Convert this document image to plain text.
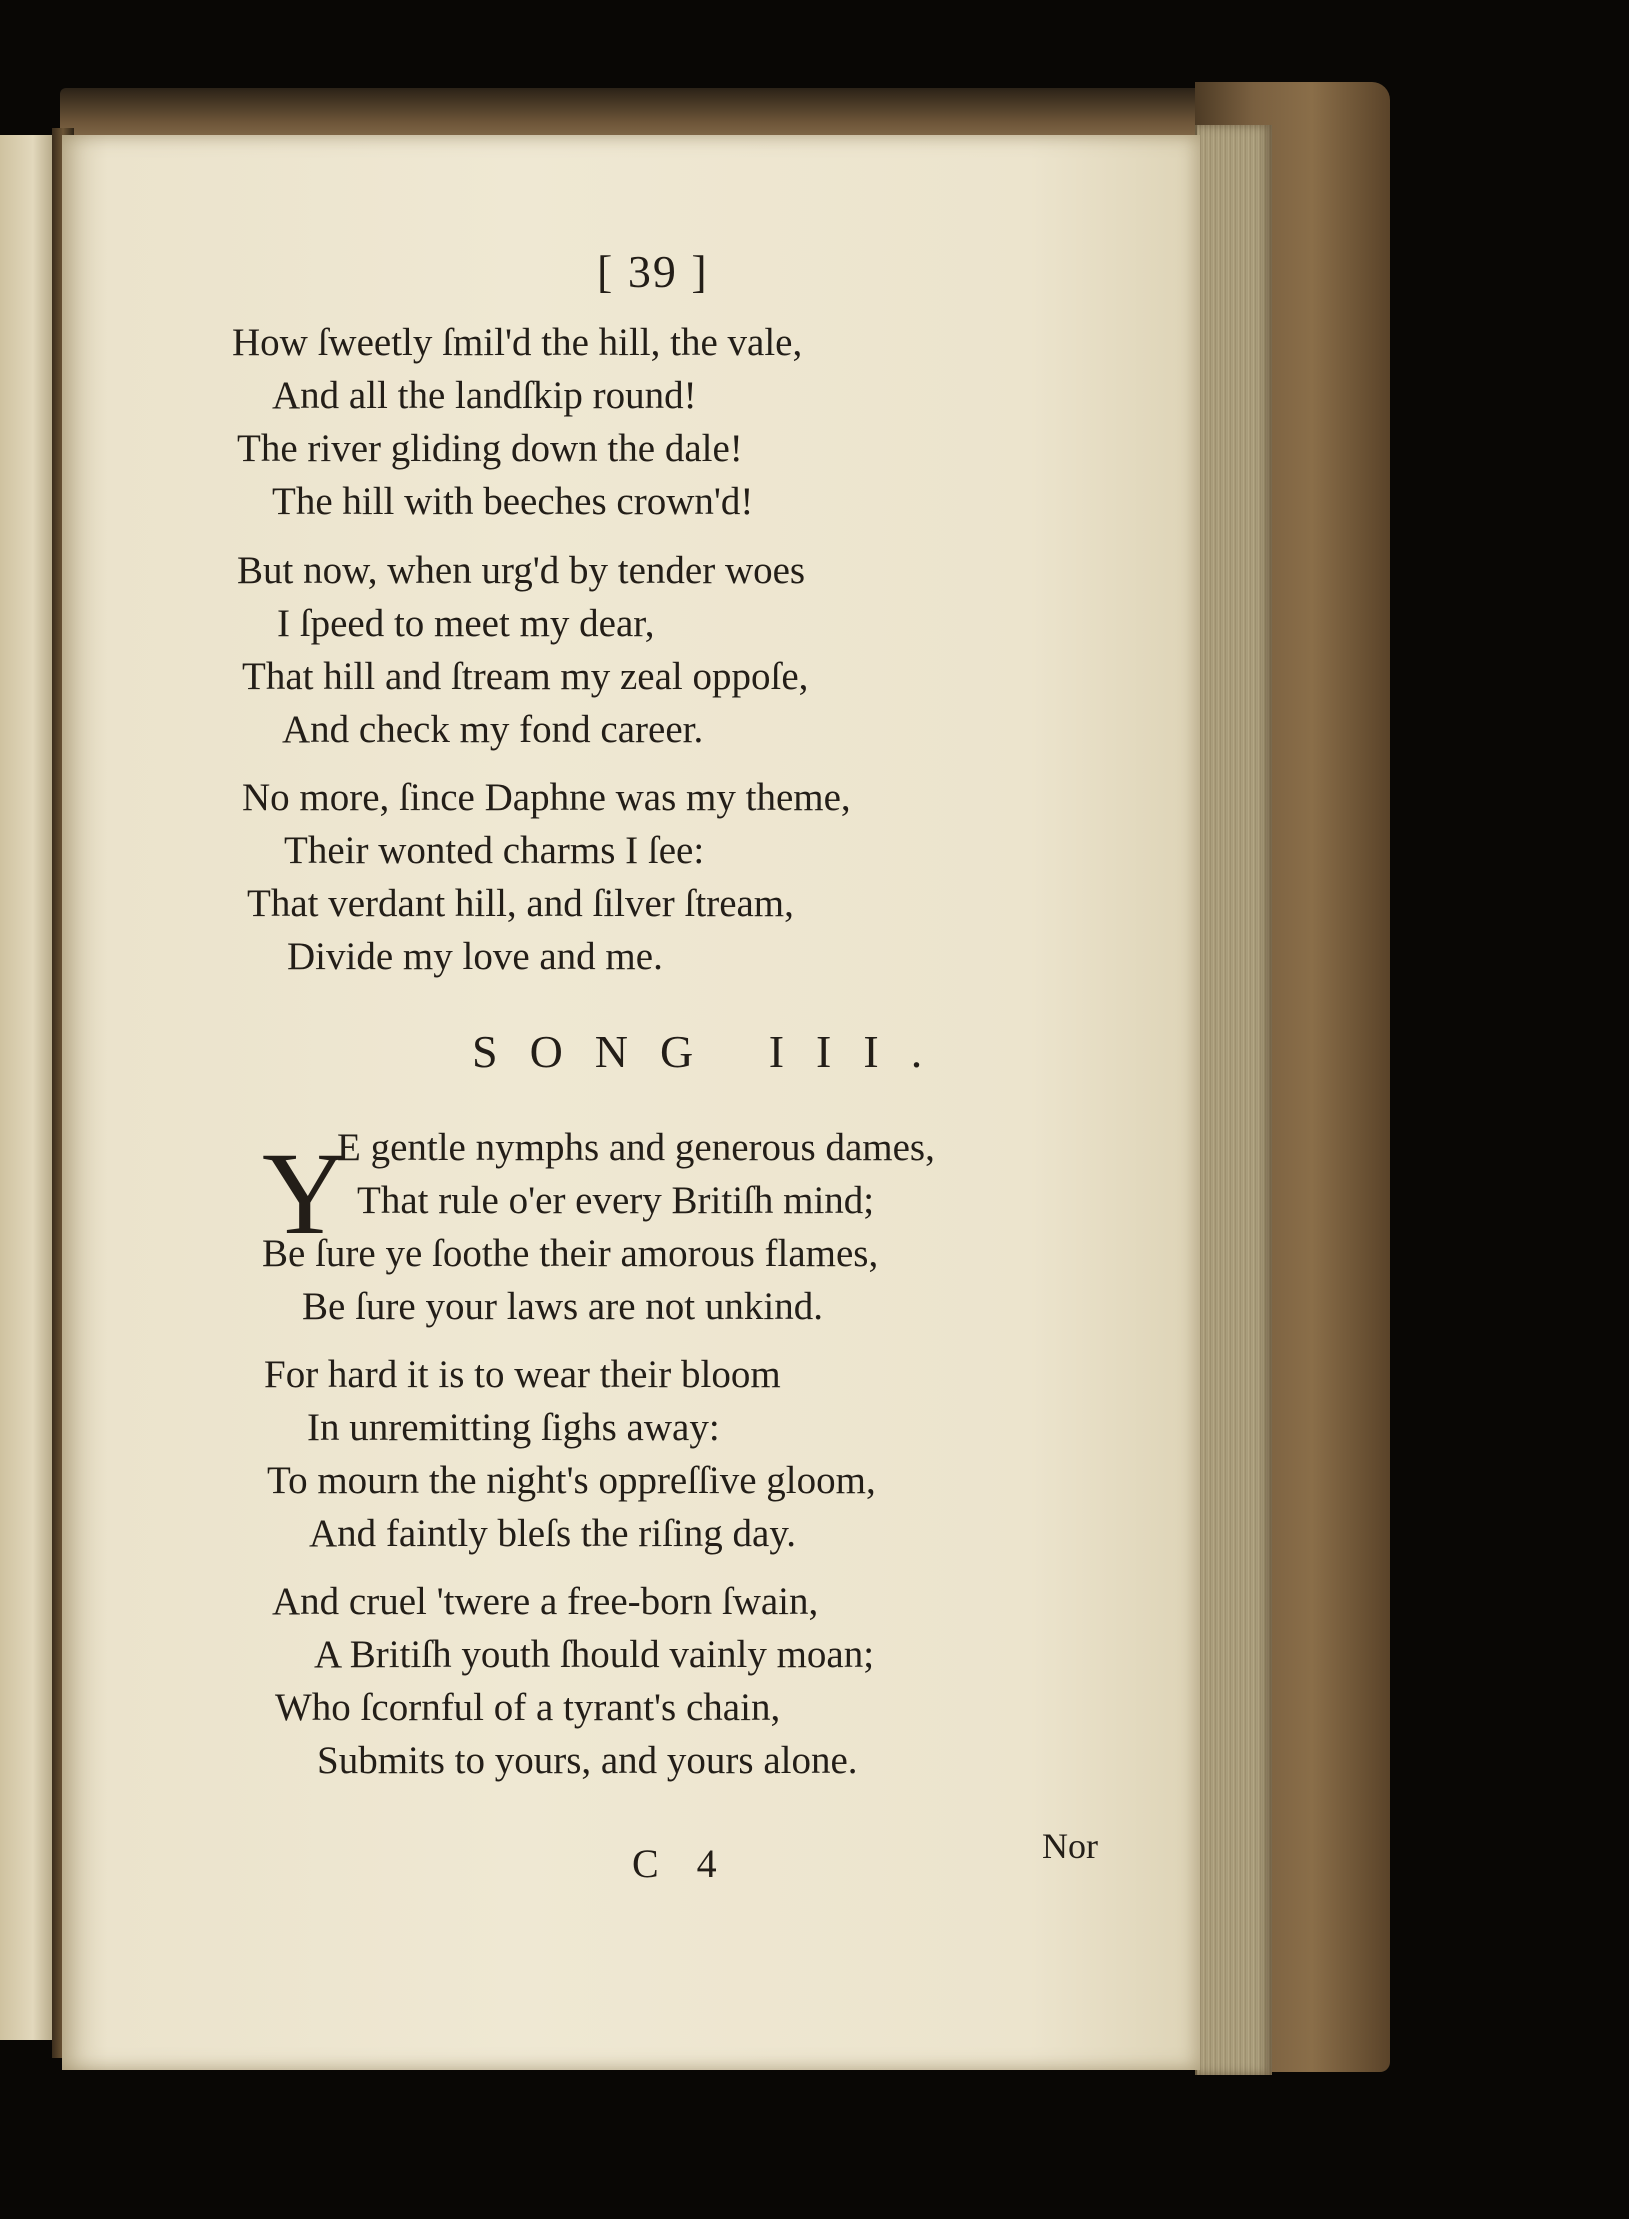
[ 39 ]
How ſweetly ſmil'd the hill, the vale,
And all the landſkip round!
The river gliding down the dale!
The hill with beeches crown'd!
But now, when urg'd by tender woes
I ſpeed to meet my dear,
That hill and ſtream my zeal oppoſe,
And check my fond career.
No more, ſince Daphne was my theme,
Their wonted charms I ſee:
That verdant hill, and ſilver ſtream,
Divide my love and me.
SONG III.
Y
E gentle nymphs and generous dames,
That rule o'er every Britiſh mind;
Be ſure ye ſoothe their amorous flames,
Be ſure your laws are not unkind.
For hard it is to wear their bloom
In unremitting ſighs away:
To mourn the night's oppreſſive gloom,
And faintly bleſs the riſing day.
And cruel 'twere a free-born ſwain,
A Britiſh youth ſhould vainly moan;
Who ſcornful of a tyrant's chain,
Submits to yours, and yours alone.
C 4	Nor
